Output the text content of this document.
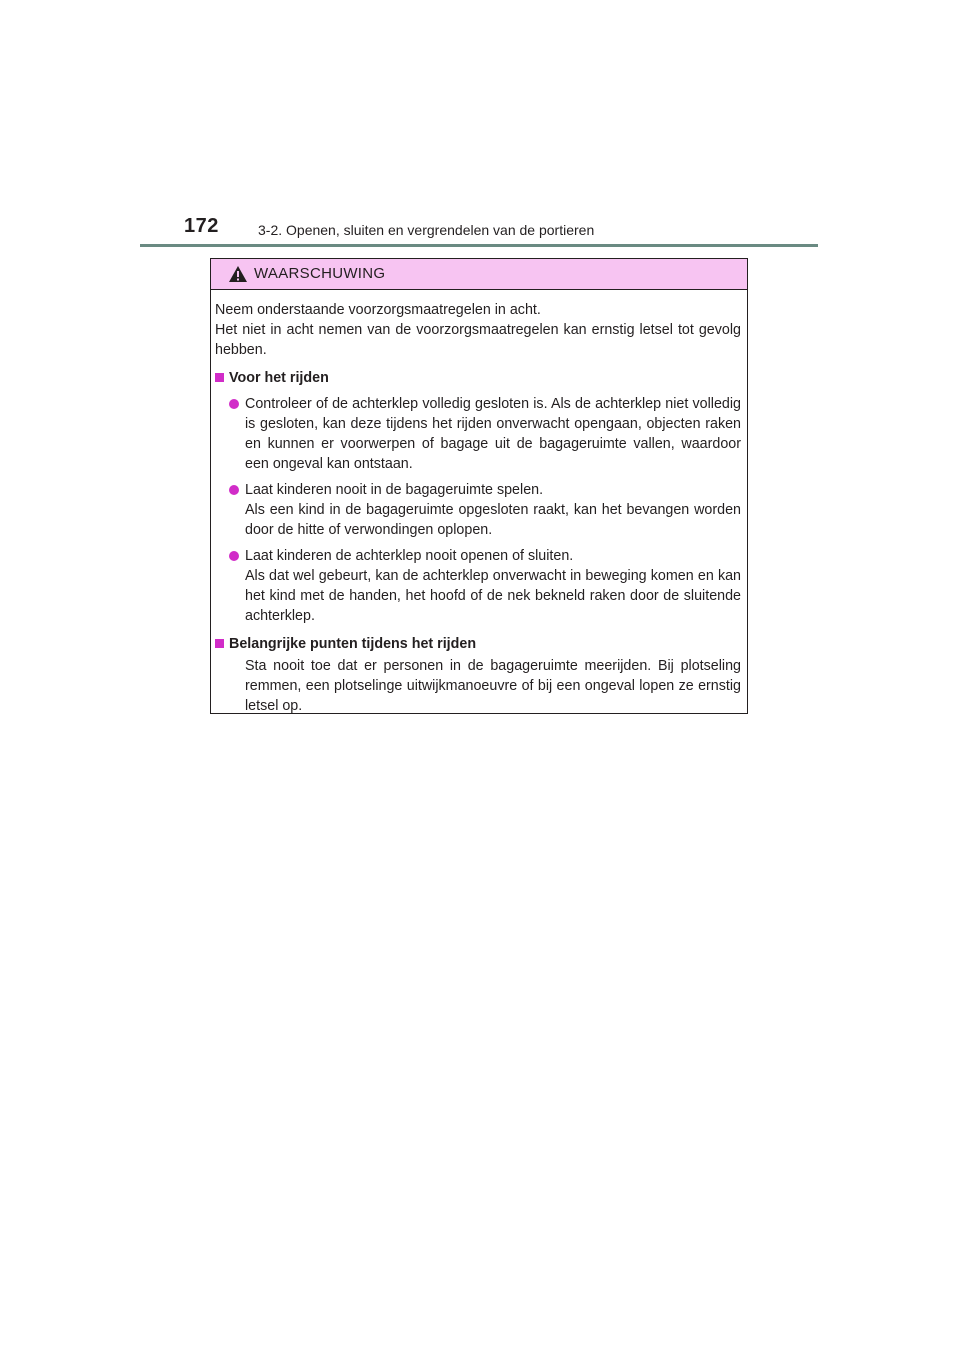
172	3-2. Openen, sluiten en vergrendelen van de portieren
WAARSCHUWING

Neem onderstaande voorzorgsmaatregelen in acht.

Het niet in acht nemen van de voorzorgsmaatregelen kan ernstig letsel tot gevolg hebben.

Voor het rijden

Controleer of de achterklep volledig gesloten is. Als de achterklep niet volledig is gesloten, kan deze tijdens het rijden onverwacht opengaan, objecten raken en kunnen er voorwerpen of bagage uit de bagageruimte vallen, waardoor een ongeval kan ontstaan.

Laat kinderen nooit in de bagageruimte spelen.

Als een kind in de bagageruimte opgesloten raakt, kan het bevangen worden door de hitte of verwondingen oplopen.

Laat kinderen de achterklep nooit openen of sluiten.

Als dat wel gebeurt, kan de achterklep onverwacht in beweging komen en kan het kind met de handen, het hoofd of de nek bekneld raken door de sluitende achterklep.

Belangrijke punten tijdens het rijden

Sta nooit toe dat er personen in de bagageruimte meerijden. Bij plotseling remmen, een plotselinge uitwijkmanoeuvre of bij een ongeval lopen ze ernstig letsel op.
